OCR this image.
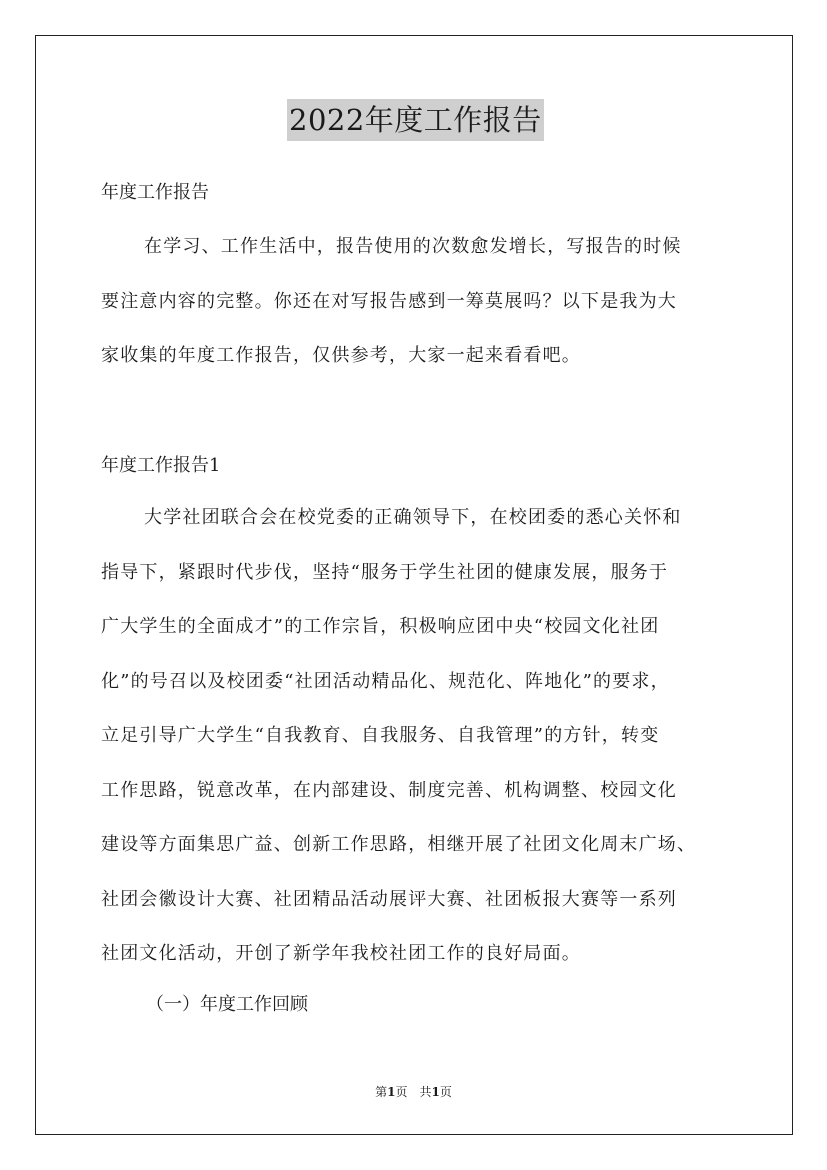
2022年度工作报告
年度工作报告
在学习、工作生活中，报告使用的次数愈发增长，写报告的时候
要注意内容的完整。你还在对写报告感到一筹莫展吗？以下是我为大
家收集的年度工作报告，仅供参考，大家一起来看看吧。
年度工作报告1
大学社团联合会在校党委的正确领导下，在校团委的悉心关怀和
指导下，紧跟时代步伐，坚持“服务于学生社团的健康发展，服务于
广大学生的全面成才”的工作宗旨，积极响应团中央“校园文化社团
化”的号召以及校团委“社团活动精品化、规范化、阵地化”的要求，
立足引导广大学生“自我教育、自我服务、自我管理”的方针，转变
工作思路，锐意改革，在内部建设、制度完善、机构调整、校园文化
建设等方面集思广益、创新工作思路，相继开展了社团文化周末广场、
社团会徽设计大赛、社团精品活动展评大赛、社团板报大赛等一系列
社团文化活动，开创了新学年我校社团工作的良好局面。
（一）年度工作回顾
第1页　共1页
